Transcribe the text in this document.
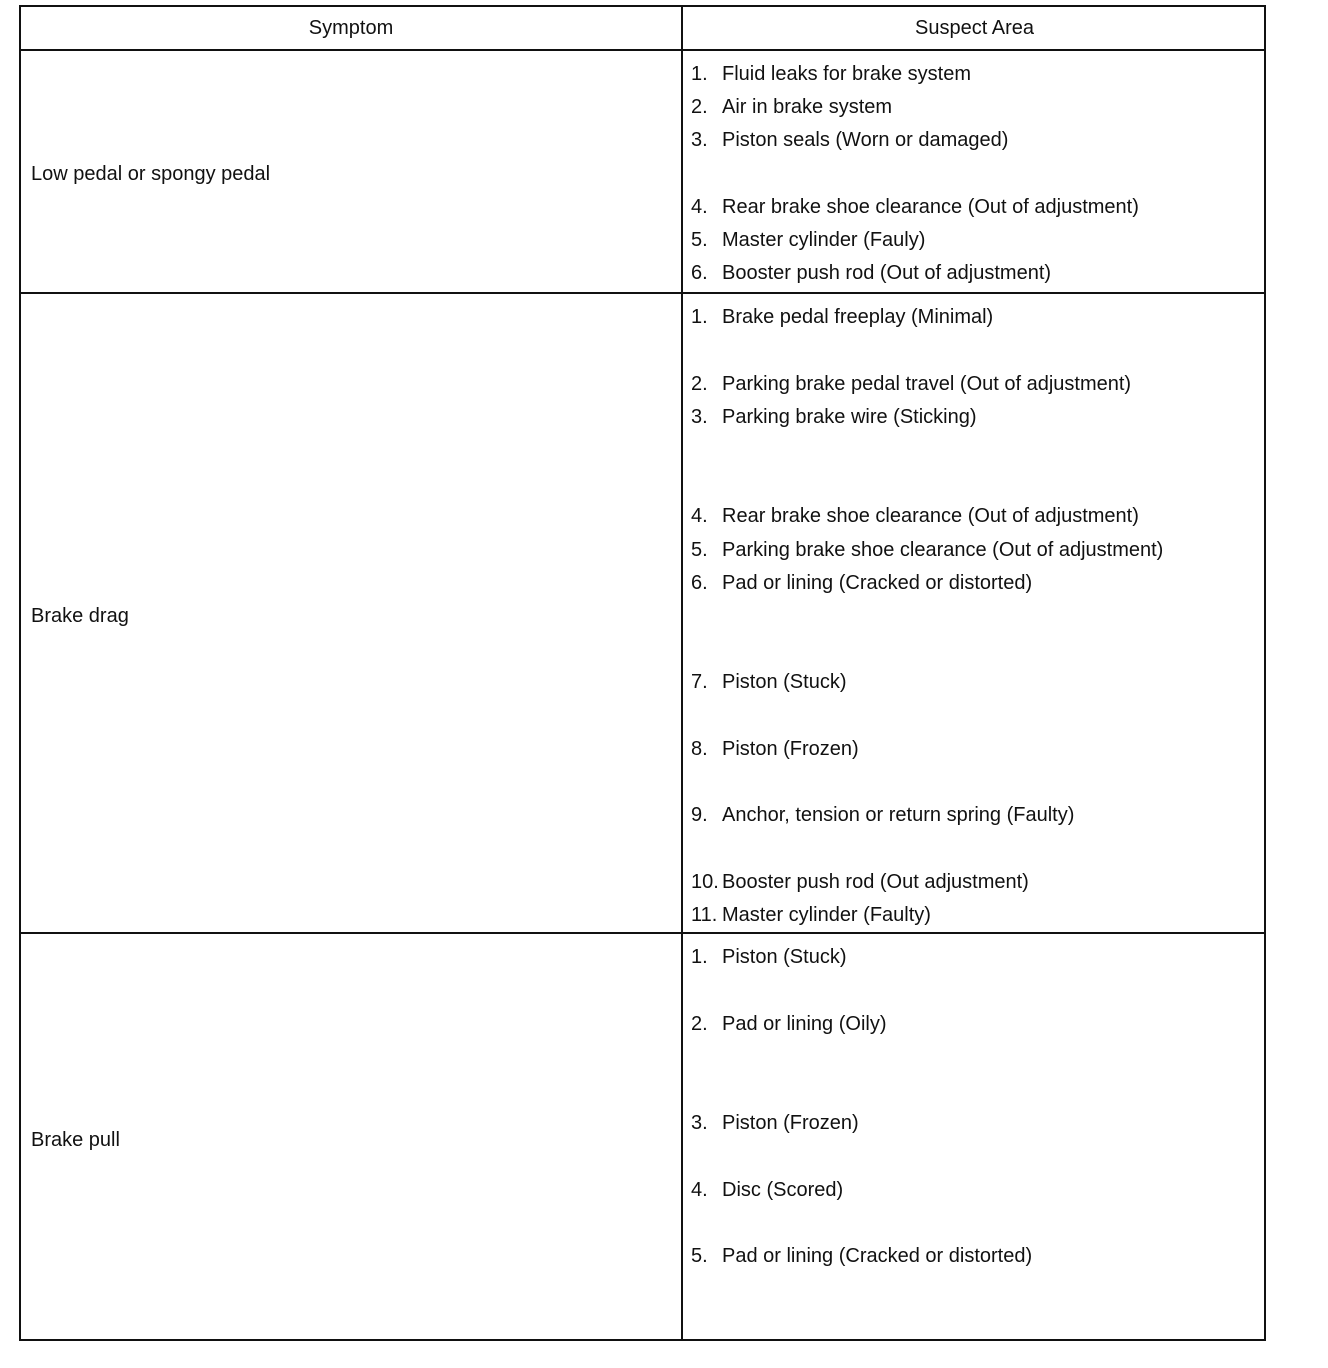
Symptom	Suspect Area
Low pedal or spongy pedal
1. Fluid leaks for brake system
2. Air in brake system
3. Piston seals (Worn or damaged)
4. Rear brake shoe clearance (Out of adjustment)
5. Master cylinder (Fauly)
6. Booster push rod (Out of adjustment)
Brake drag
1. Brake pedal freeplay (Minimal)
2. Parking brake pedal travel (Out of adjustment)
3. Parking brake wire (Sticking)
4. Rear brake shoe clearance (Out of adjustment)
5. Parking brake shoe clearance (Out of adjustment)
6. Pad or lining (Cracked or distorted)
7. Piston (Stuck)
8. Piston (Frozen)
9. Anchor, tension or return spring (Faulty)
10. Booster push rod (Out adjustment)
11. Master cylinder (Faulty)
Brake pull
1. Piston (Stuck)
2. Pad or lining (Oily)
3. Piston (Frozen)
4. Disc (Scored)
5. Pad or lining (Cracked or distorted)
